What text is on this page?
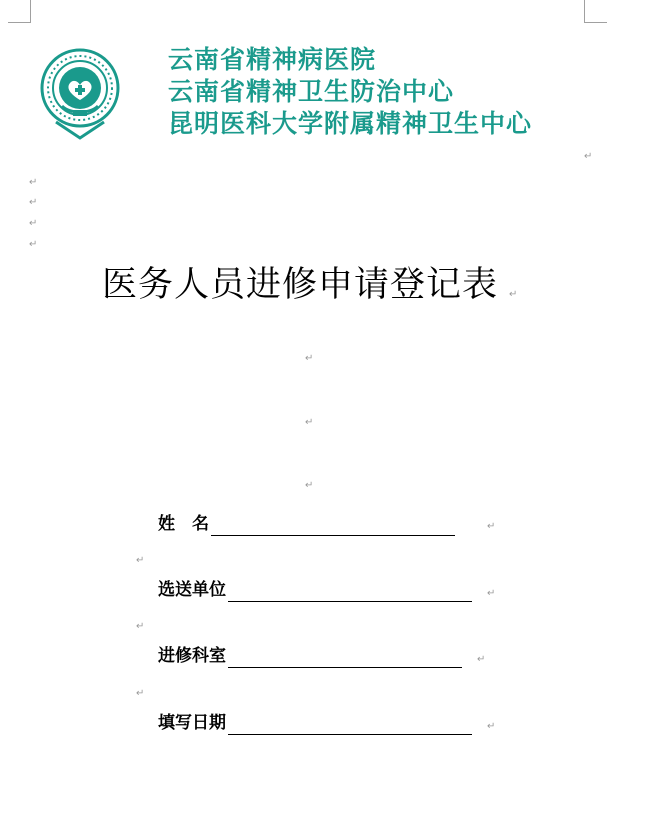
云南省精神病医院
云南省精神卫生防治中心
昆明医科大学附属精神卫生中心
↵
↵
↵
↵
↵
↵
↵
↵
↵
↵
↵
↵
医务人员进修申请登记表
姓　名	↵
选送单位	↵
进修科室	↵
填写日期	↵
